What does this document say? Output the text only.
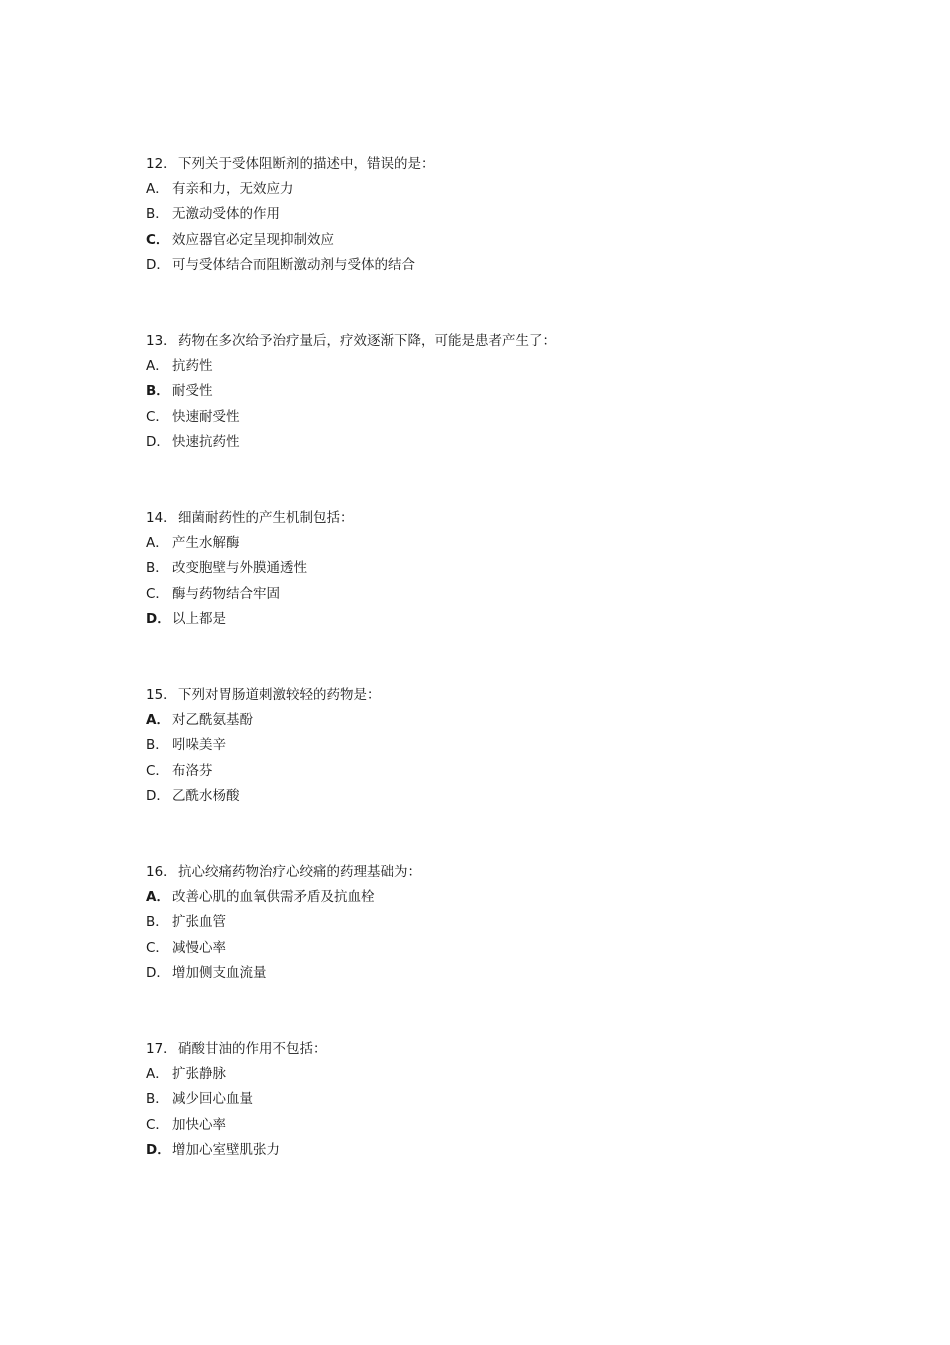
12．下列关于受体阻断剂的描述中，错误的是：
A． 有亲和力，无效应力
B． 无激动受体的作用
C． 效应器官必定呈现抑制效应
D． 可与受体结合而阻断激动剂与受体的结合
13．药物在多次给予治疗量后，疗效逐渐下降，可能是患者产生了：
A． 抗药性
B． 耐受性
C． 快速耐受性
D． 快速抗药性
14．细菌耐药性的产生机制包括：
A． 产生水解酶
B． 改变胞壁与外膜通透性
C． 酶与药物结合牢固
D．以上都是
15．下列对胃肠道刺激较轻的药物是：
A． 对乙酰氨基酚
B． 吲哚美辛
C． 布洛芬
D． 乙酰水杨酸
16．抗心绞痛药物治疗心绞痛的药理基础为：
A． 改善心肌的血氧供需矛盾及抗血栓
B． 扩张血管
C． 减慢心率
D． 增加侧支血流量
17．硝酸甘油的作用不包括：
A． 扩张静脉
B． 减少回心血量
C． 加快心率
D．增加心室壁肌张力
